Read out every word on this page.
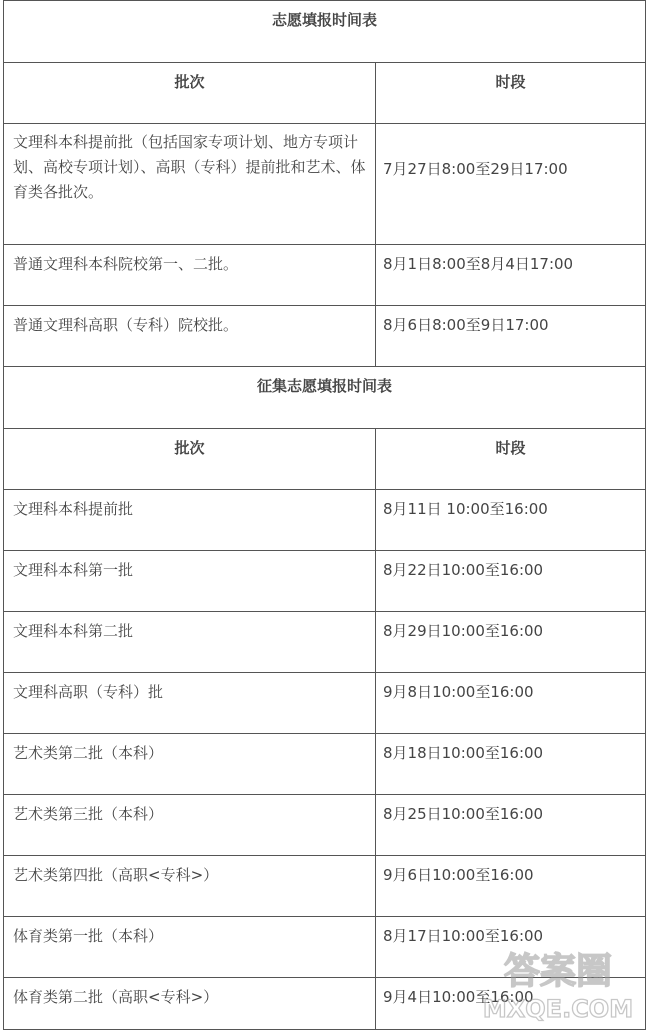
志愿填报时间表	
批次	时段
文理科本科提前批（包括国家专项计划、地方专项计划、高校专项计划）、高职（专科）提前批和艺术、体育类各批次。	7月27日8:00至29日17:00
普通文理科本科院校第一、二批。	8月1日8:00至8月4日17:00
普通文理科高职（专科）院校批。	8月6日8:00至9日17:00
征集志愿填报时间表	
批次	时段
文理科本科提前批	8月11日 10:00至16:00
文理科本科第一批	8月22日10:00至16:00
文理科本科第二批	8月29日10:00至16:00
文理科高职（专科）批	9月8日10:00至16:00
艺术类第二批（本科）	8月18日10:00至16:00
艺术类第三批（本科）	8月25日10:00至16:00
艺术类第四批（高职<专科>）	9月6日10:00至16:00
体育类第一批（本科）	8月17日10:00至16:00
体育类第二批（高职<专科>）	9月4日10:00至16:00
答案圈
MXQE.COM
